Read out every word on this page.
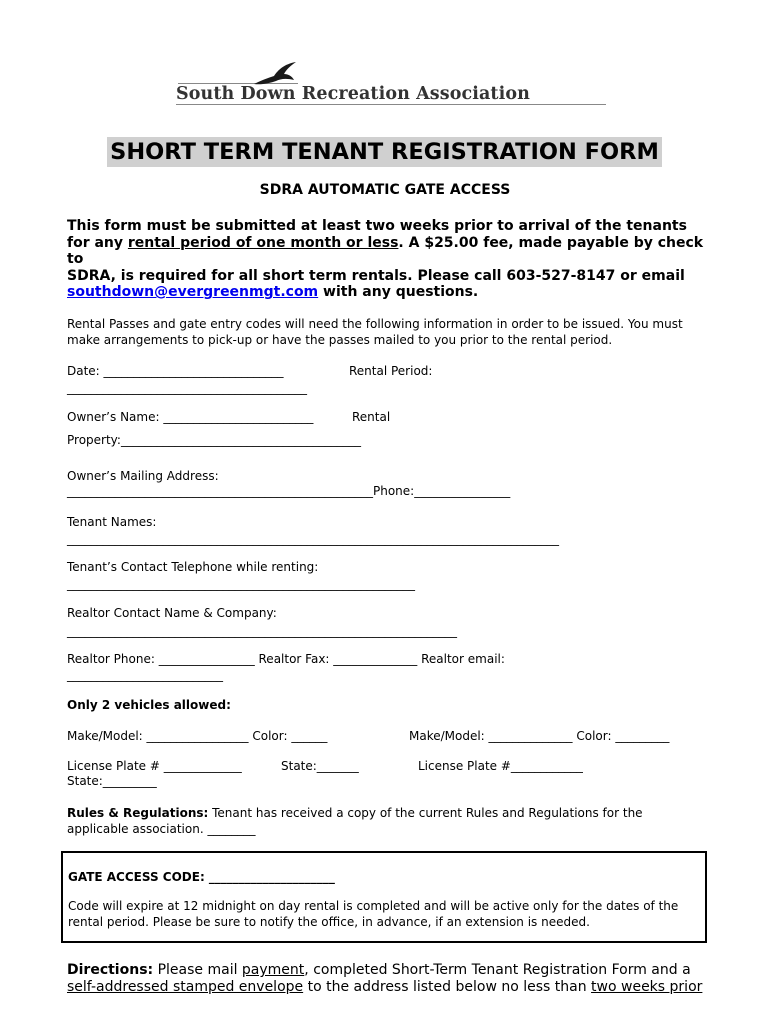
South Down Recreation Association
SHORT TERM TENANT REGISTRATION FORM
SDRA AUTOMATIC GATE ACCESS
This form must be submitted at least two weeks prior to arrival of the tenants for any rental period of one month or less. A $25.00 fee, made payable by check to
SDRA, is required for all short term rentals. Please call 603-527-8147 or email southdown@evergreenmgt.com with any questions.
Rental Passes and gate entry codes will need the following information in order to be issued. You must make arrangements to pick-up or have the passes mailed to you prior to the rental period.
Date: ______________________________	Rental Period:
________________________________________
Owner’s Name: _________________________	Rental
Property:________________________________________
Owner’s Mailing Address:
___________________________________________________Phone:________________
Tenant Names:
__________________________________________________________________________________
Tenant’s Contact Telephone while renting:
__________________________________________________________
Realtor Contact Name & Company:
_________________________________________________________________
Realtor Phone: ________________ Realtor Fax: ______________ Realtor email:
__________________________
Only 2 vehicles allowed:
Make/Model: _________________ Color: ______	Make/Model: ______________ Color: _________
License Plate # _____________	State:_______	License Plate #____________
State:_________
Rules & Regulations: Tenant has received a copy of the current Rules and Regulations for the applicable association. ________
GATE ACCESS CODE: _____________________
Code will expire at 12 midnight on day rental is completed and will be active only for the dates of the rental period. Please be sure to notify the office, in advance, if an extension is needed.
Directions: Please mail payment, completed Short-Term Tenant Registration Form and a self-addressed stamped envelope to the address listed below no less than two weeks prior
